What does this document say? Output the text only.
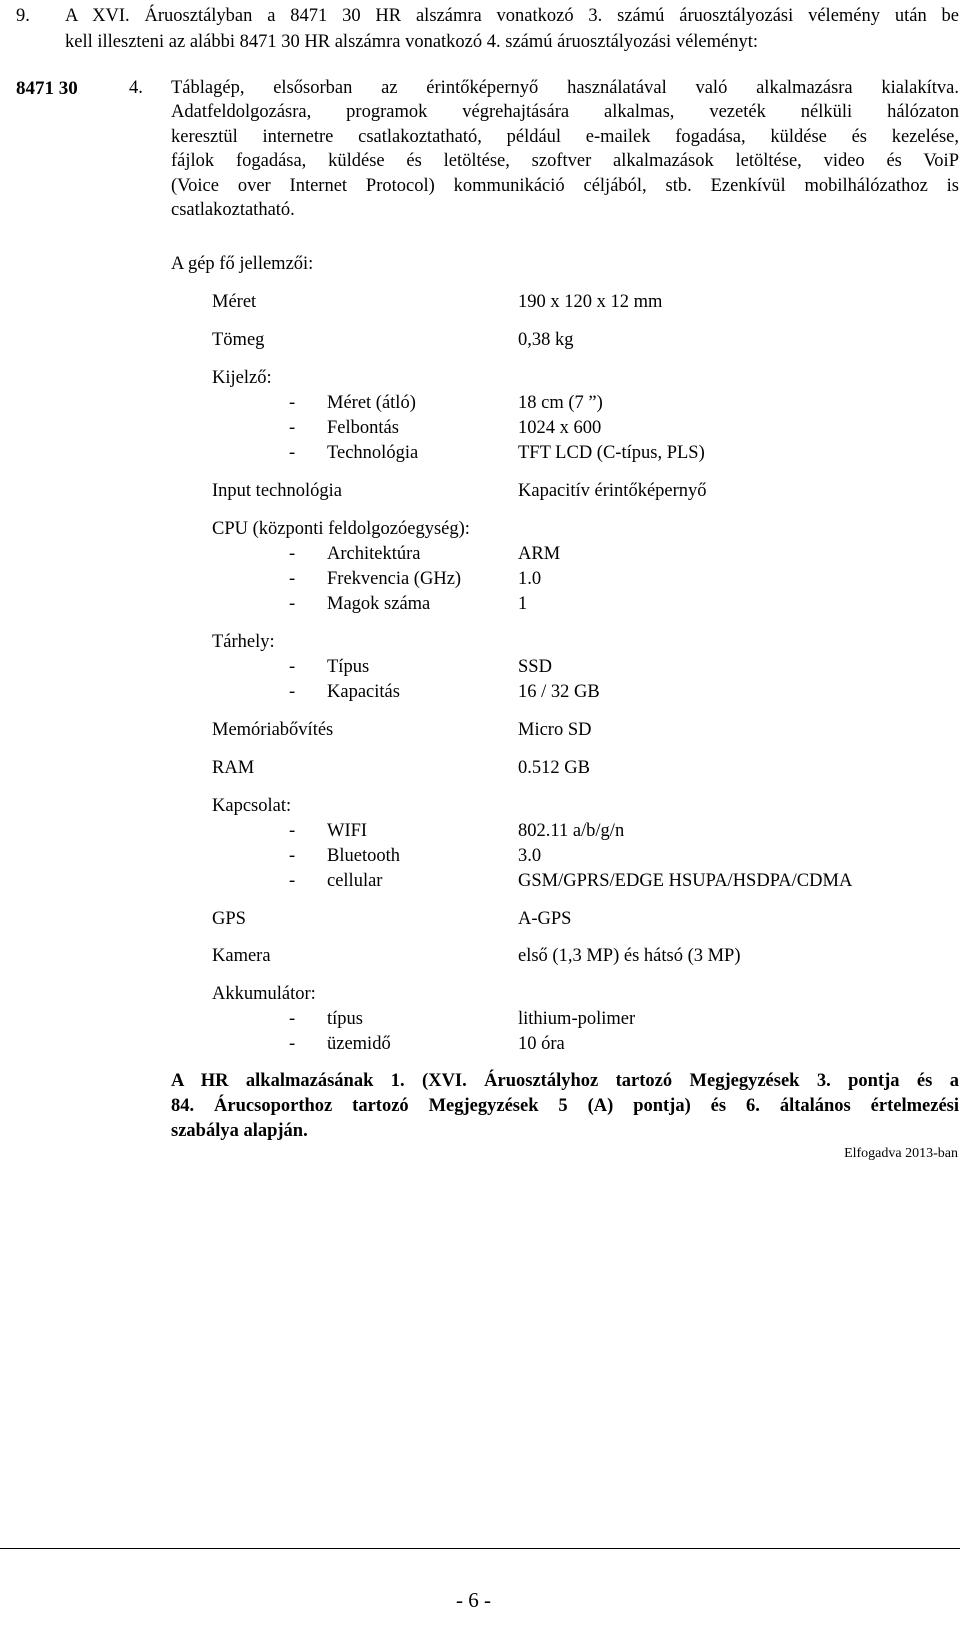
9. A XVI. Áruosztályban a 8471 30 HR alszámra vonatkozó 3. számú áruosztályozási vélemény után be
kell illeszteni az alábbi 8471 30 HR alszámra vonatkozó 4. számú áruosztályozási véleményt:
8471 30	4. Táblagép, elsősorban az érintőképernyő használatával való alkalmazásra kialakítva.
Adatfeldolgozásra, programok végrehajtására alkalmas, vezeték nélküli hálózaton
keresztül internetre csatlakoztatható, például e-mailek fogadása, küldése és kezelése,
fájlok fogadása, küldése és letöltése, szoftver alkalmazások letöltése, video és VoiP
(Voice over Internet Protocol) kommunikáció céljából, stb. Ezenkívül mobilhálózathoz is
csatlakoztatható.
A gép fő jellemzői:
Méret	190 x 120 x 12 mm
Tömeg	0,38 kg
Kijelző:
- Méret (átló)	18 cm (7 ”)
- Felbontás	1024 x 600
- Technológia	TFT LCD (C-típus, PLS)
Input technológia	Kapacitív érintőképernyő
CPU (központi feldolgozóegység):
- Architektúra	ARM
- Frekvencia (GHz)	1.0
- Magok száma	1
Tárhely:
- Típus	SSD
- Kapacitás	16 / 32 GB
Memóriabővítés	Micro SD
RAM	0.512 GB
Kapcsolat:
- WIFI	802.11 a/b/g/n
- Bluetooth	3.0
- cellular	GSM/GPRS/EDGE HSUPA/HSDPA/CDMA
GPS	A-GPS
Kamera	első (1,3 MP) és hátsó (3 MP)
Akkumulátor:
- típus	lithium-polimer
- üzemidő	10 óra
A HR alkalmazásának 1. (XVI. Áruosztályhoz tartozó Megjegyzések 3. pontja és a
84. Árucsoporthoz tartozó Megjegyzések 5 (A) pontja) és 6. általános értelmezési
szabálya alapján.
Elfogadva 2013-ban
- 6 -
